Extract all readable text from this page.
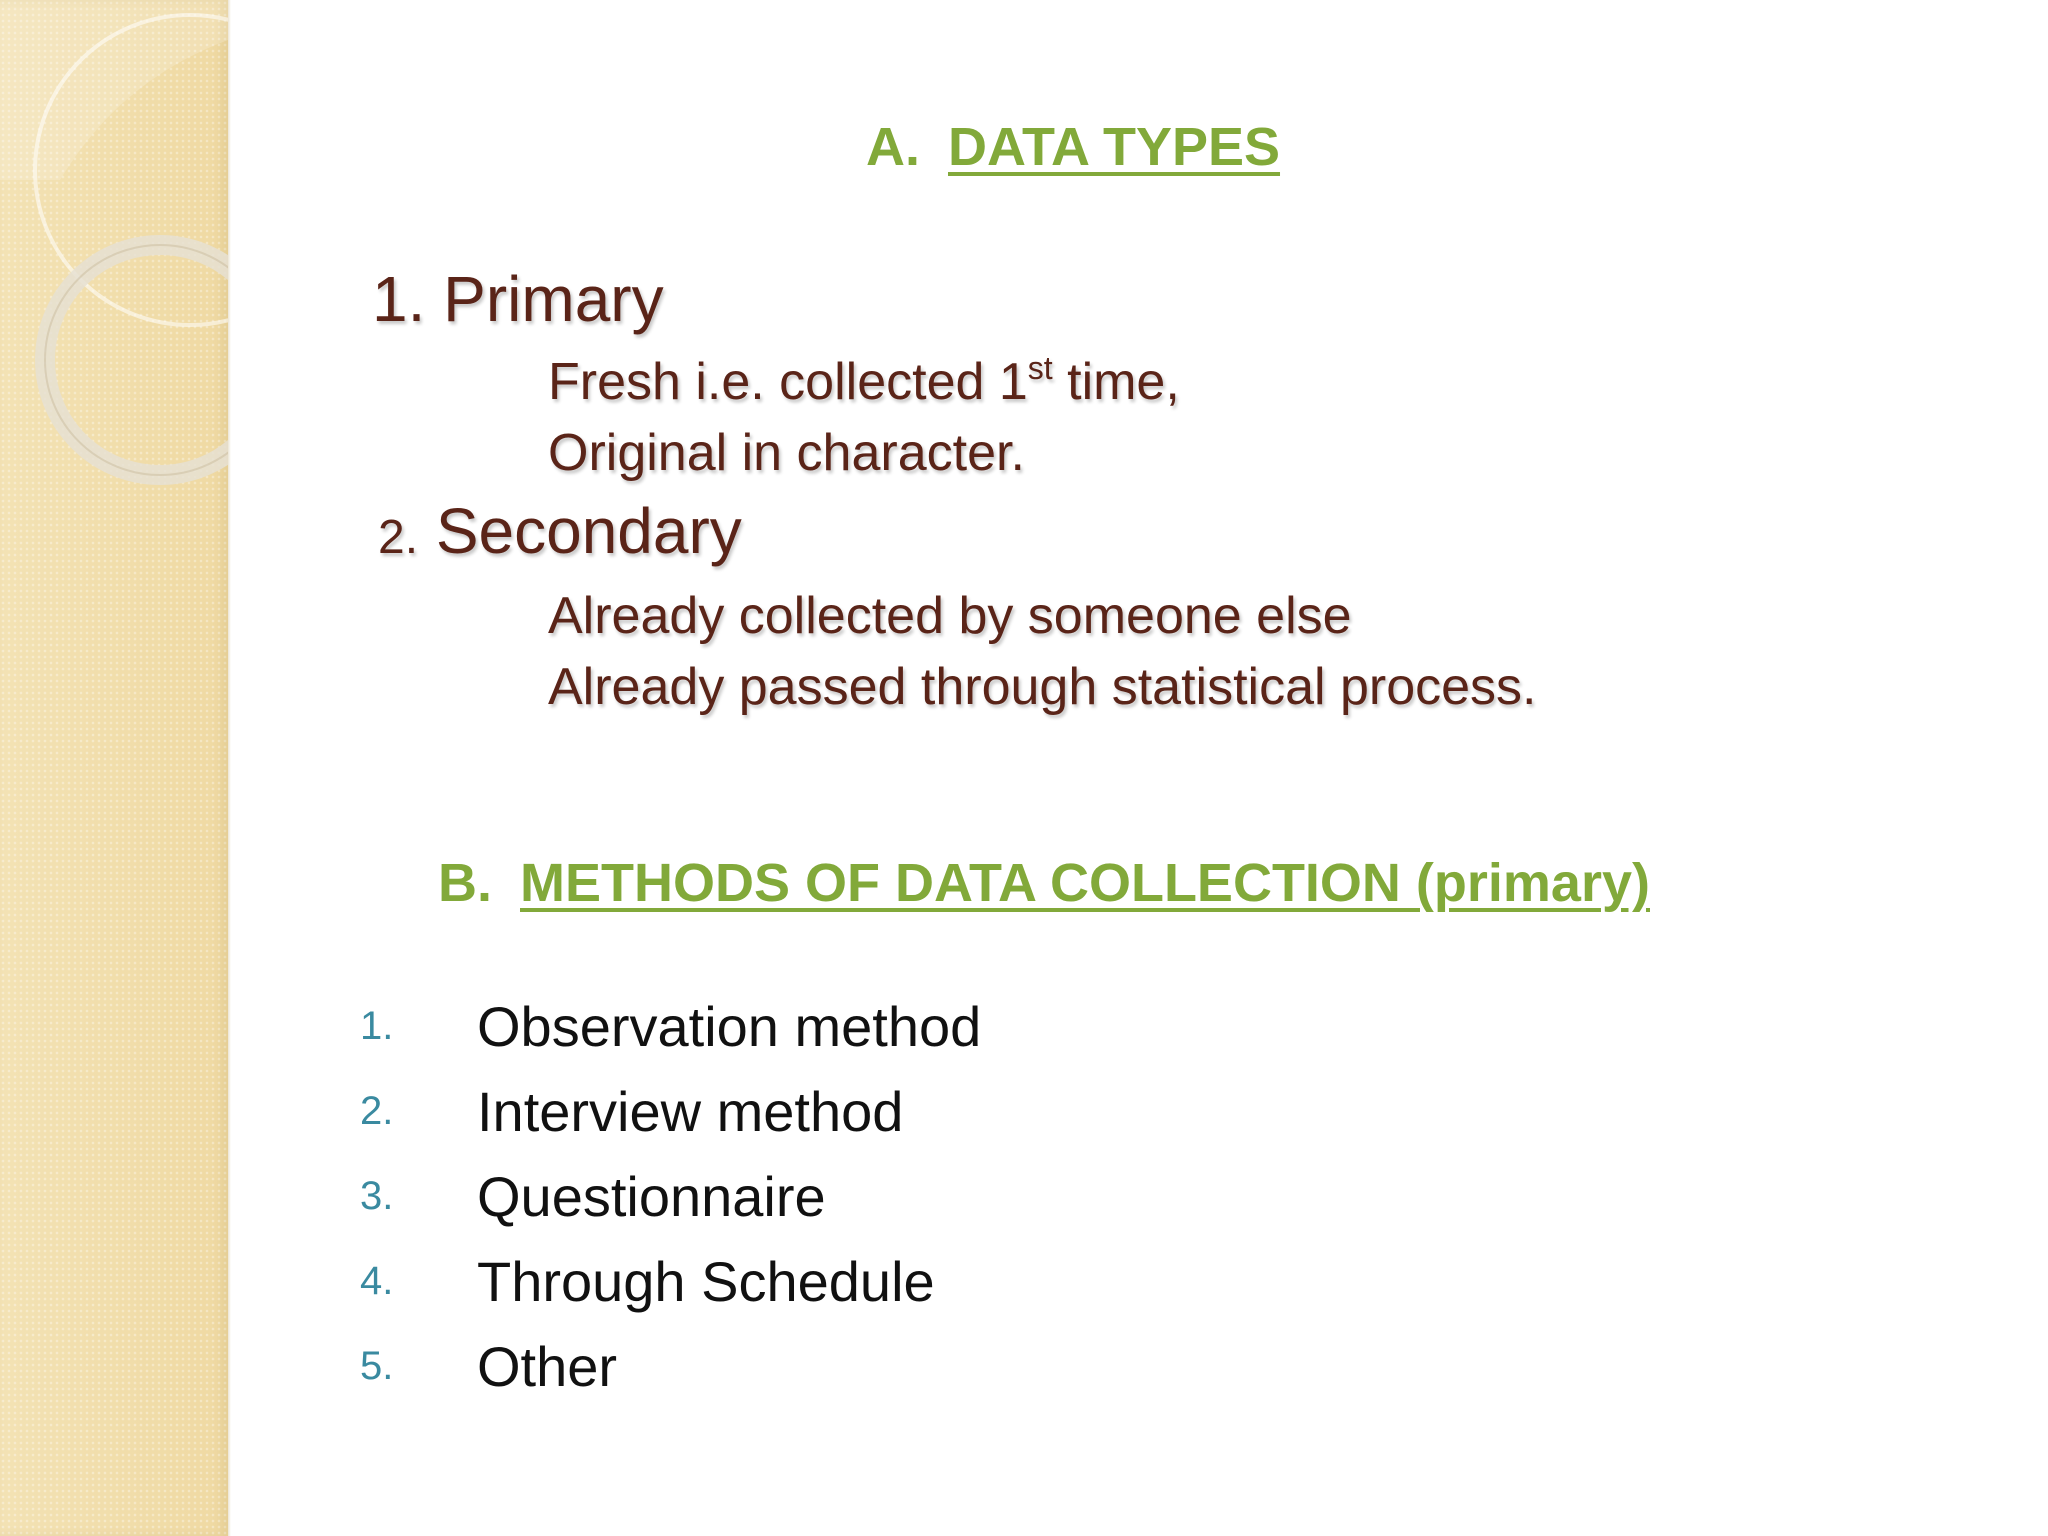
A. DATA TYPES
1. Primary
Fresh i.e. collected 1st time,
Original in character.
2. Secondary
Already collected by someone else
Already passed through statistical process.
B. METHODS OF DATA COLLECTION (primary)
1.	Observation method
2.	Interview method
3.	Questionnaire
4.	Through Schedule
5.	Other
